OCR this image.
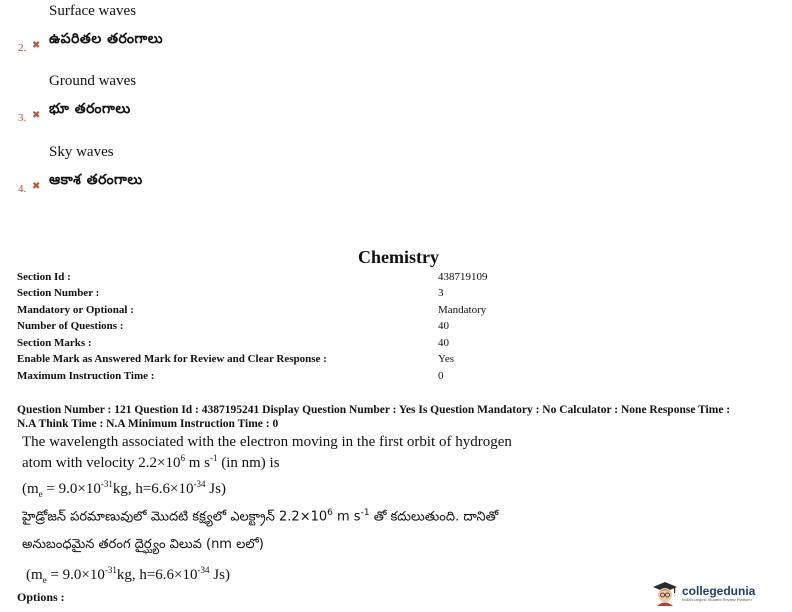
Surface waves
2. ✖ ఉపరితల తరంగాలు
Ground waves
3. ✖ భూ తరంగాలు
Sky waves
4. ✖ ఆకాశ తరంగాలు
Chemistry
Section Id :	438719109
Section Number :	3
Mandatory or Optional :	Mandatory
Number of Questions :	40
Section Marks :	40
Enable Mark as Answered Mark for Review and Clear Response :	Yes
Maximum Instruction Time :	0
Question Number : 121 Question Id : 4387195241 Display Question Number : Yes Is Question Mandatory : No Calculator : None Response Time :
N.A Think Time : N.A Minimum Instruction Time : 0
The wavelength associated with the electron moving in the first orbit of hydrogen
atom with velocity $2.2\times 10^6$ m $s^{-1}$ (in nm) is
($m_e = 9.0\times 10^{-31}kg$, $h=6.6\times 10^{-34}$ Js)
హైడ్రోజన్ పరమాణువులో మొదటి కక్ష్యలో ఎలక్ట్రాన్ $2.2\times 10^6$ m $s^{-1}$ తో కదులుతుంది. దానితో
అనుబంధమైన తరంగ దైర్ఘ్యం విలువ (nm లలో)
($m_e = 9.0\times 10^{-31}kg$, $h=6.6\times 10^{-34}$ Js)
Options :	collegedunia
India's largest Student Review Platform
